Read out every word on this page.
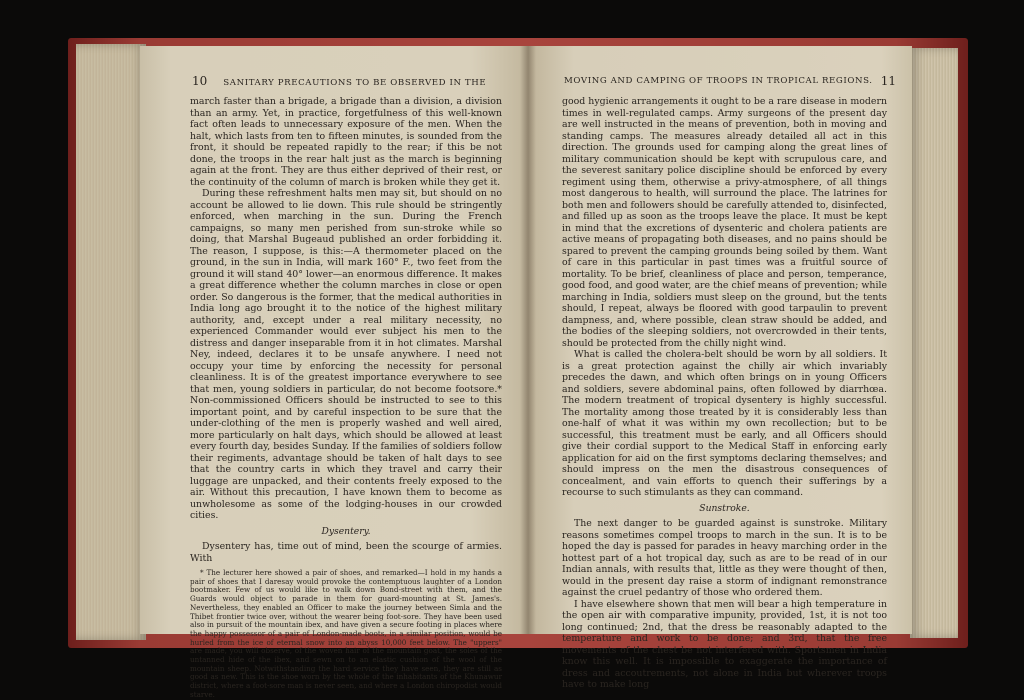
10 SANITARY PRECAUTIONS TO BE OBSERVED IN THE

march faster than a brigade, a brigade than a division, a division than an army. Yet, in practice, forgetfulness of this well-known fact often leads to unnecessary exposure of the men. When the halt, which lasts from ten to fifteen minutes, is sounded from the front, it should be repeated rapidly to the rear; if this be not done, the troops in the rear halt just as the march is beginning again at the front. They are thus either deprived of their rest, or the continuity of the column of march is broken while they get it.

During these refreshment halts men may sit, but should on no account be allowed to lie down. This rule should be stringently enforced, when marching in the sun. During the French campaigns, so many men perished from sun-stroke while so doing, that Marshal Bugeaud published an order forbidding it. The reason, I suppose, is this:—A thermometer placed on the ground, in the sun in India, will mark 160° F., two feet from the ground it will stand 40° lower—an enormous difference. It makes a great difference whether the column marches in close or open order. So dangerous is the former, that the medical authorities in India long ago brought it to the notice of the highest military authority, and, except under a real military necessity, no experienced Commander would ever subject his men to the distress and danger inseparable from it in hot climates. Marshal Ney, indeed, declares it to be unsafe anywhere. I need not occupy your time by enforcing the necessity for personal cleanliness. It is of the greatest importance everywhere to see that men, young soldiers in particular, do not become footsore.* Non-commissioned Officers should be instructed to see to this important point, and by careful inspection to be sure that the under-clothing of the men is properly washed and well aired, more particularly on halt days, which should be allowed at least every fourth day, besides Sunday. If the families of soldiers follow their regiments, advantage should be taken of halt days to see that the country carts in which they travel and carry their luggage are unpacked, and their contents freely exposed to the air. Without this precaution, I have known them to become as unwholesome as some of the lodging-houses in our crowded cities.

Dysentery.

Dysentery has, time out of mind, been the scourge of armies. With

* The lecturer here showed a pair of shoes, and remarked—I hold in my hands a pair of shoes that I daresay would provoke the contemptuous laughter of a London bootmaker. Few of us would like to walk down Bond-street with them, and the Guards would object to parade in them for guard-mounting at St. James's. Nevertheless, they enabled an Officer to make the journey between Simla and the Thibet frontier twice over, without the wearer being foot-sore. They have been used also in pursuit of the mountain ibex, and have given a secure footing in places where the happy possessor of a pair of London-made boots, in a similar position, would be hurled from the ice of eternal snow into an abyss 10,000 feet below. The "uppers" are made, you will observe, of the woven hair of the mountain goat, the soles of the untanned hide of the ibex, and sewn on to an elastic cushion of the wool of the mountain sheep. Notwithstanding the hard service they have seen, they are still as good as new. This is the shoe worn by the whole of the inhabitants of the Khunawur district, where a foot-sore man is never seen, and where a London chiropodist would starve.

MOVING AND CAMPING OF TROOPS IN TROPICAL REGIONS. 11

good hygienic arrangements it ought to be a rare disease in modern times in well-regulated camps. Army surgeons of the present day are well instructed in the means of prevention, both in moving and standing camps. The measures already detailed all act in this direction. The grounds used for camping along the great lines of military communication should be kept with scrupulous care, and the severest sanitary police discipline should be enforced by every regiment using them, otherwise a privy-atmosphere, of all things most dangerous to health, will surround the place. The latrines for both men and followers should be carefully attended to, disinfected, and filled up as soon as the troops leave the place. It must be kept in mind that the excretions of dysenteric and cholera patients are active means of propagating both diseases, and no pains should be spared to prevent the camping grounds being soiled by them. Want of care in this particular in past times was a fruitful source of mortality. To be brief, cleanliness of place and person, temperance, good food, and good water, are the chief means of prevention; while marching in India, soldiers must sleep on the ground, but the tents should, I repeat, always be floored with good tarpaulin to prevent dampness, and, where possible, clean straw should be added, and the bodies of the sleeping soldiers, not overcrowded in their tents, should be protected from the chilly night wind.

What is called the cholera-belt should be worn by all soldiers. It is a great protection against the chilly air which invariably precedes the dawn, and which often brings on in young Officers and soldiers, severe abdominal pains, often followed by diarrhœa. The modern treatment of tropical dysentery is highly successful. The mortality among those treated by it is considerably less than one-half of what it was within my own recollection; but to be successful, this treatment must be early, and all Officers should give their cordial support to the Medical Staff in enforcing early application for aid on the first symptoms declaring themselves; and should impress on the men the disastrous consequences of concealment, and vain efforts to quench their sufferings by a recourse to such stimulants as they can command.

Sunstroke.

The next danger to be guarded against is sunstroke. Military reasons sometimes compel troops to march in the sun. It is to be hoped the day is passed for parades in heavy marching order in the hottest part of a hot tropical day, such as are to be read of in our Indian annals, with results that, little as they were thought of then, would in the present day raise a storm of indignant remonstrance against the cruel pedantry of those who ordered them.

I have elsewhere shown that men will bear a high temperature in the open air with comparative impunity, provided, 1st, it is not too long continued; 2nd, that the dress be reasonably adapted to the temperature and work to be done; and 3rd, that the free movements of the chest be not interfered with. Sportsmen in India know this well. It is impossible to exaggerate the importance of dress and accoutrements, not alone in India but wherever troops have to make long
